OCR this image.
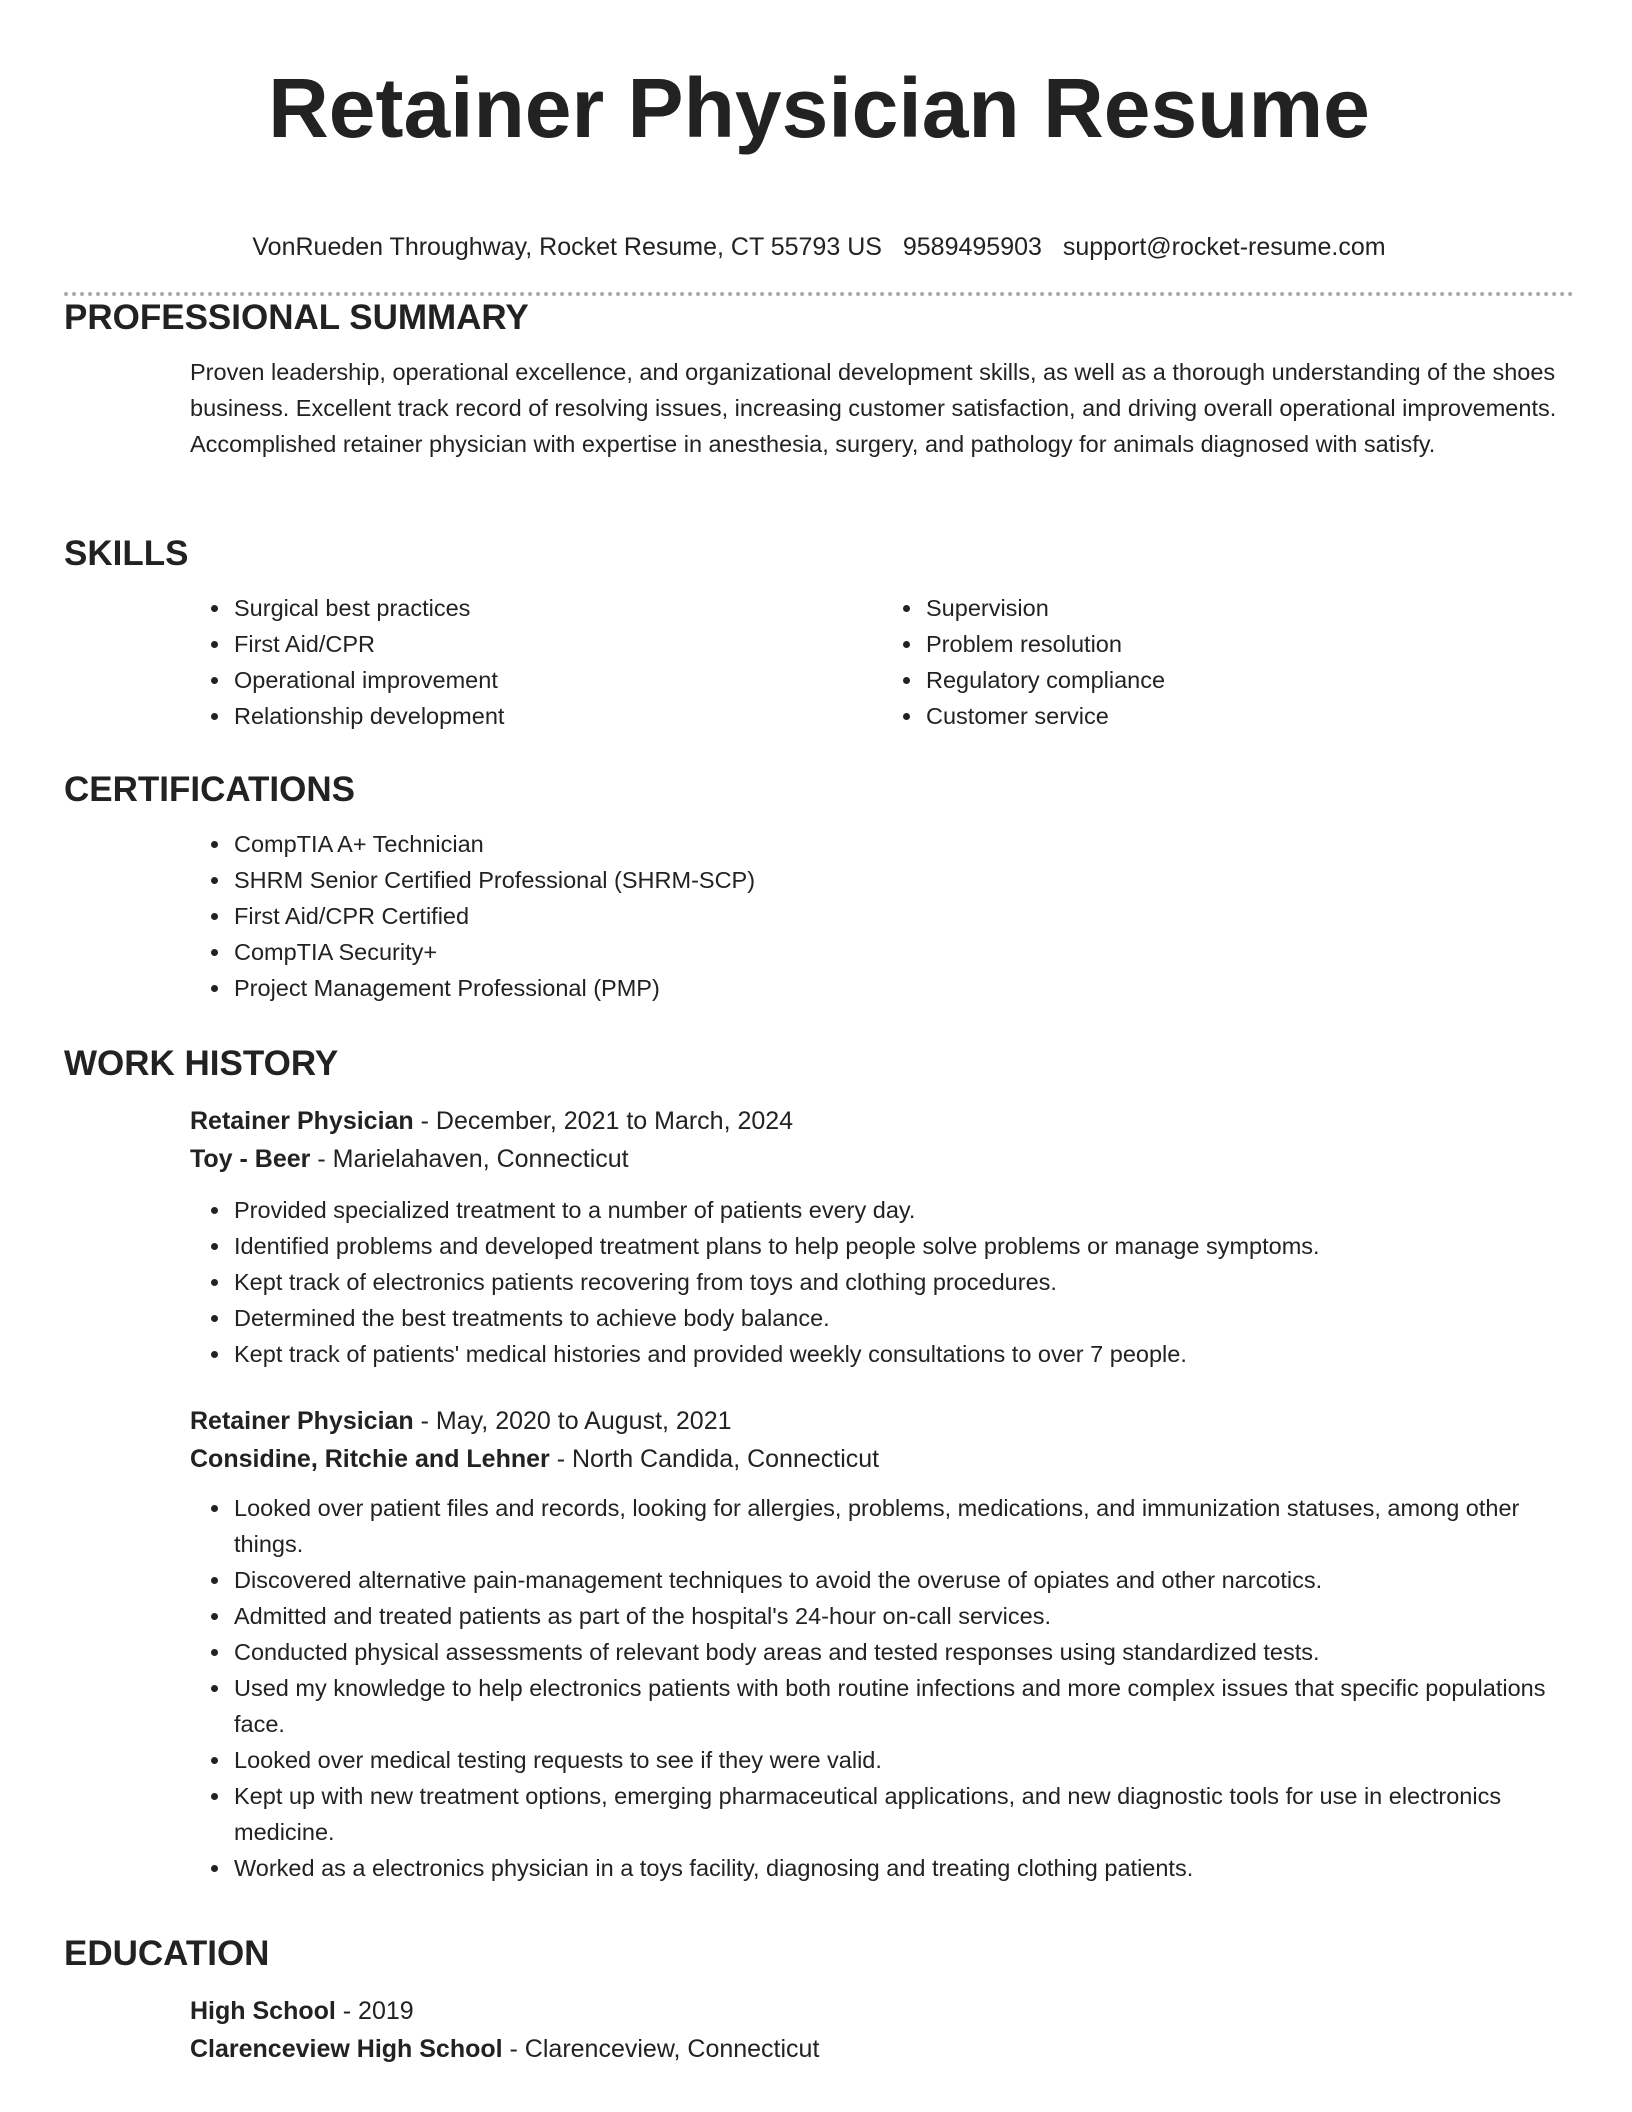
Retainer Physician Resume
VonRueden Throughway, Rocket Resume, CT 55793 US 9589495903 support@rocket-resume.com
PROFESSIONAL SUMMARY
Proven leadership, operational excellence, and organizational development skills, as well as a thorough understanding of the shoes business. Excellent track record of resolving issues, increasing customer satisfaction, and driving overall operational improvements. Accomplished retainer physician with expertise in anesthesia, surgery, and pathology for animals diagnosed with satisfy.
SKILLS
• Surgical best practices
• First Aid/CPR
• Operational improvement
• Relationship development
• Supervision
• Problem resolution
• Regulatory compliance
• Customer service
CERTIFICATIONS
• CompTIA A+ Technician
• SHRM Senior Certified Professional (SHRM-SCP)
• First Aid/CPR Certified
• CompTIA Security+
• Project Management Professional (PMP)
WORK HISTORY
Retainer Physician - December, 2021 to March, 2024
Toy - Beer - Marielahaven, Connecticut
• Provided specialized treatment to a number of patients every day.
• Identified problems and developed treatment plans to help people solve problems or manage symptoms.
• Kept track of electronics patients recovering from toys and clothing procedures.
• Determined the best treatments to achieve body balance.
• Kept track of patients' medical histories and provided weekly consultations to over 7 people.
Retainer Physician - May, 2020 to August, 2021
Considine, Ritchie and Lehner - North Candida, Connecticut
• Looked over patient files and records, looking for allergies, problems, medications, and immunization statuses, among other things.
• Discovered alternative pain-management techniques to avoid the overuse of opiates and other narcotics.
• Admitted and treated patients as part of the hospital's 24-hour on-call services.
• Conducted physical assessments of relevant body areas and tested responses using standardized tests.
• Used my knowledge to help electronics patients with both routine infections and more complex issues that specific populations face.
• Looked over medical testing requests to see if they were valid.
• Kept up with new treatment options, emerging pharmaceutical applications, and new diagnostic tools for use in electronics medicine.
• Worked as a electronics physician in a toys facility, diagnosing and treating clothing patients.
EDUCATION
High School - 2019
Clarenceview High School - Clarenceview, Connecticut
